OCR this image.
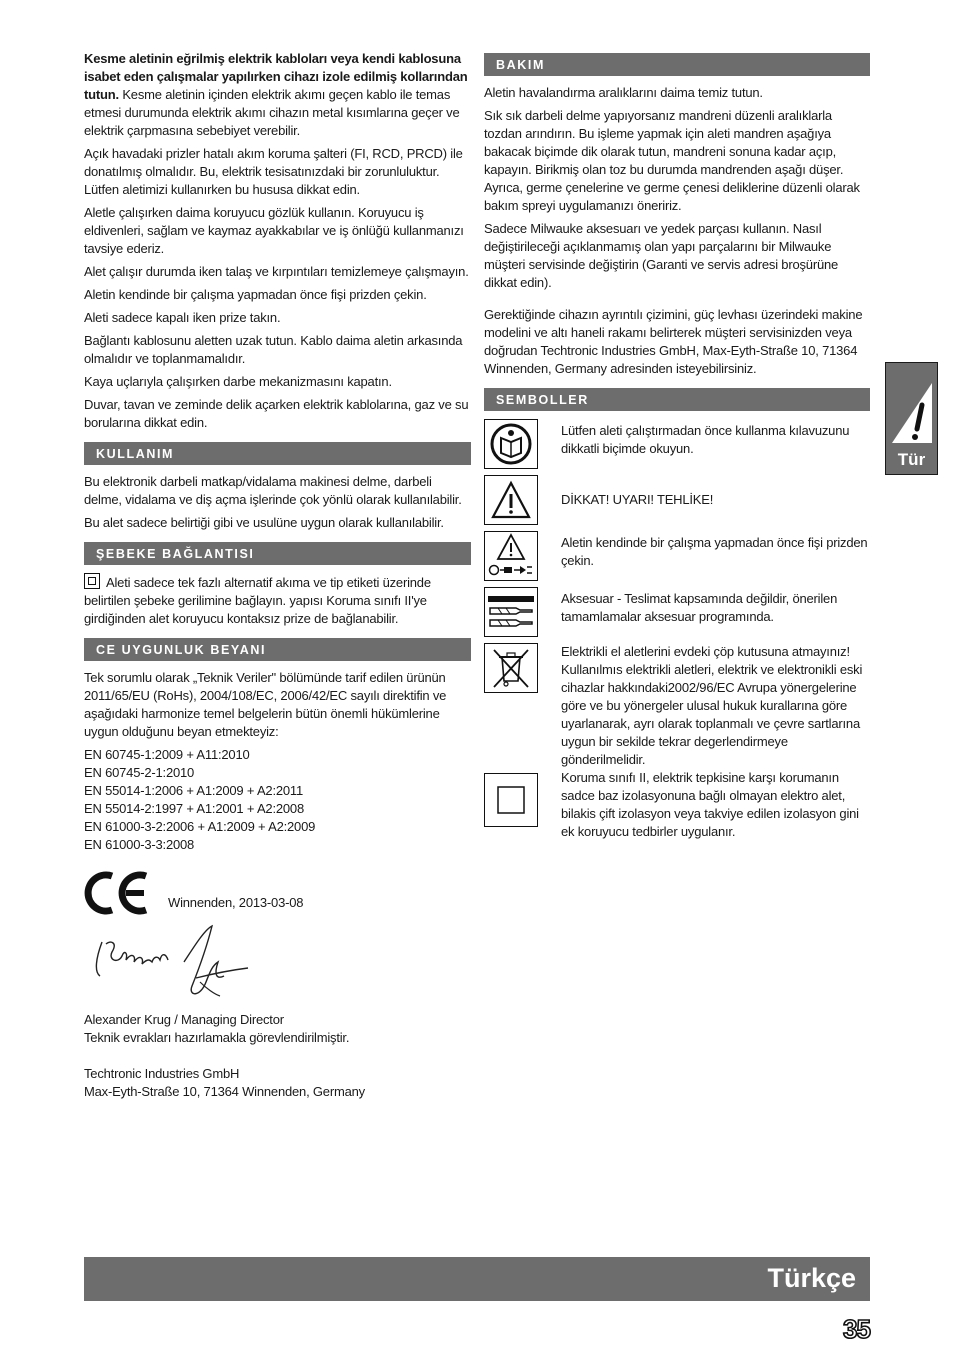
Kesme aletinin eğrilmiş elektrik kabloları veya kendi kablosuna isabet eden çalışmalar yapılırken cihazı izole edilmiş kollarından tutun. Kesme aletinin içinden elektrik akımı geçen kablo ile temas etmesi durumunda elektrik akımı cihazın metal kısımlarına geçer ve elektrik çarpmasına sebebiyet verebilir.

Açık havadaki prizler hatalı akım koruma şalteri (FI, RCD, PRCD) ile donatılmış olmalıdır. Bu, elektrik tesisatınızdaki bir zorunluluktur. Lütfen aletimizi kullanırken bu hususa dikkat edin.

Aletle çalışırken daima koruyucu gözlük kullanın. Koruyucu iş eldivenleri, sağlam ve kaymaz ayakkabılar ve iş önlüğü kullanmanızı tavsiye ederiz.

Alet çalışır durumda iken talaş ve kırpıntıları temizlemeye çalışmayın.

Aletin kendinde bir çalışma yapmadan önce fişi prizden çekin.

Aleti sadece kapalı iken prize takın.

Bağlantı kablosunu aletten uzak tutun. Kablo daima aletin arkasında olmalıdır ve toplanmamalıdır.

Kaya uçlarıyla çalışırken darbe mekanizmasını kapatın.

Duvar, tavan ve zeminde delik açarken elektrik kablolarına, gaz ve su borularına dikkat edin.

KULLANIM

Bu elektronik darbeli matkap/vidalama makinesi delme, darbeli delme, vidalama ve diş açma işlerinde çok yönlü olarak kullanılabilir.

Bu alet sadece belirtiği gibi ve usulüne uygun olarak kullanılabilir.

ŞEBEKE BAĞLANTISI

Aleti sadece tek fazlı alternatif akıma ve tip etiketi üzerinde belirtilen şebeke gerilimine bağlayın. yapısı Koruma sınıfı II'ye girdiğinden alet koruyucu kontaksız prize de bağlanabilir.

CE UYGUNLUK BEYANI

Tek sorumlu olarak „Teknik Veriler" bölümünde tarif edilen ürünün 2011/65/EU (RoHs), 2004/108/EC, 2006/42/EC sayılı direktifin ve aşağıdaki harmonize temel belgelerin bütün önemli hükümlerine uygun olduğunu beyan etmekteyiz:

EN 60745-1:2009 + A11:2010
EN 60745-2-1:2010
EN 55014-1:2006 + A1:2009 + A2:2011
EN 55014-2:1997 + A1:2001 + A2:2008
EN 61000-3-2:2006 + A1:2009 + A2:2009
EN 61000-3-3:2008
Winnenden, 2013-03-08
Alexander Krug / Managing Director
Teknik evrakları hazırlamakla görevlendirilmiştir.
Techtronic Industries GmbH
Max-Eyth-Straße 10, 71364 Winnenden, Germany
BAKIM

Aletin havalandırma aralıklarını daima temiz tutun.

Sık sık darbeli delme yapıyorsanız mandreni düzenli aralıklarla tozdan arındırın. Bu işleme yapmak için aleti mandren aşağıya bakacak biçimde dik olarak tutun, mandreni sonuna kadar açıp, kapayın. Birikmiş olan toz bu durumda mandrenden aşağı düşer. Ayrıca, germe çenelerine ve germe çenesi deliklerine düzenli olarak bakım spreyi uygulamanızı öneririz.

Sadece Milwauke aksesuarı ve yedek parçası kullanın. Nasıl değiştirileceği açıklanmamış olan yapı parçalarını bir Milwauke müşteri servisinde değiştirin (Garanti ve servis adresi broşürüne dikkat edin).

Gerektiğinde cihazın ayrıntılı çizimini, güç levhası üzerindeki makine modelini ve altı haneli rakamı belirterek müşteri servisinizden veya doğrudan Techtronic Industries GmbH, Max-Eyth-Straße 10, 71364 Winnenden, Germany adresinden isteyebilirsiniz.

SEMBOLLER
Lütfen aleti çalıştırmadan önce kullanma kılavuzunu dikkatli biçimde okuyun.
DİKKAT! UYARI! TEHLİKE!
Aletin kendinde bir çalışma yapmadan önce fişi prizden çekin.
Aksesuar - Teslimat kapsamında değildir, önerilen tamamlamalar aksesuar programında.
Elektrikli el aletlerini evdeki çöp kutusuna atmayınız! Kullanılmıs elektrikli aletleri, elektrik ve elektronikli eski cihazlar hakkındaki2002/96/EC Avrupa yönergelerine göre ve bu yönergeler ulusal hukuk kurallarına göre uyarlanarak, ayrı olarak toplanmalı ve çevre sartlarına uygun bir sekilde tekrar degerlendirmeye gönderilmelidir.
Koruma sınıfı II, elektrik tepkisine karşı korumanın sadce baz izolasyonuna bağlı olmayan elektro alet, bilakis çift izolasyon veya takviye edilen izolasyon gini ek koruyucu tedbirler uygulanır.
Tür
Türkçe
35
